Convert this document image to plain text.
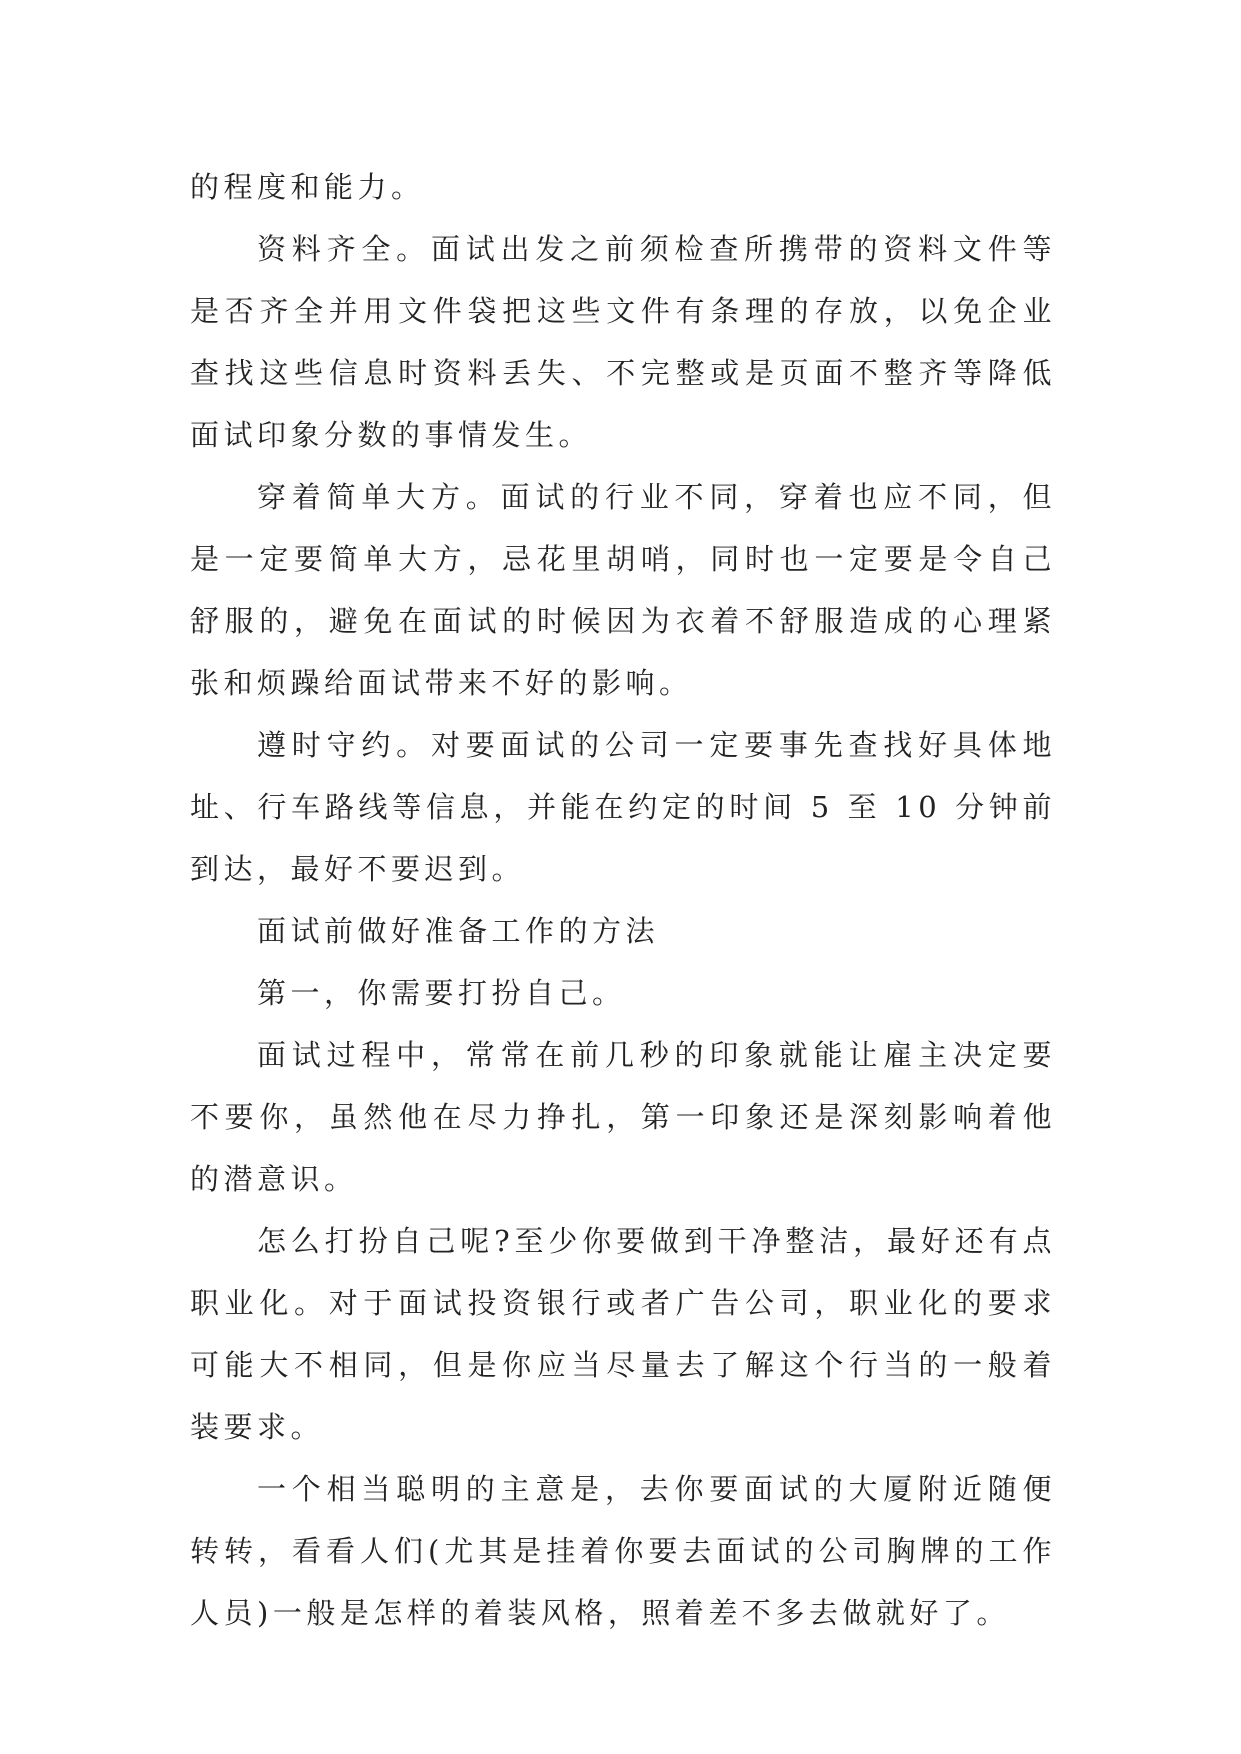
的程度和能力。

资料齐全。面试出发之前须检查所携带的资料文件等是否齐全并用文件袋把这些文件有条理的存放，以免企业查找这些信息时资料丢失、不完整或是页面不整齐等降低面试印象分数的事情发生。

穿着简单大方。面试的行业不同，穿着也应不同，但是一定要简单大方，忌花里胡哨，同时也一定要是令自己舒服的，避免在面试的时候因为衣着不舒服造成的心理紧张和烦躁给面试带来不好的影响。

遵时守约。对要面试的公司一定要事先查找好具体地址、行车路线等信息，并能在约定的时间 5 至 10 分钟前到达，最好不要迟到。

面试前做好准备工作的方法

第一，你需要打扮自己。

面试过程中，常常在前几秒的印象就能让雇主决定要不要你，虽然他在尽力挣扎，第一印象还是深刻影响着他的潜意识。

怎么打扮自己呢?至少你要做到干净整洁，最好还有点职业化。对于面试投资银行或者广告公司，职业化的要求可能大不相同，但是你应当尽量去了解这个行当的一般着装要求。

一个相当聪明的主意是，去你要面试的大厦附近随便转转，看看人们(尤其是挂着你要去面试的公司胸牌的工作人员)一般是怎样的着装风格，照着差不多去做就好了。
